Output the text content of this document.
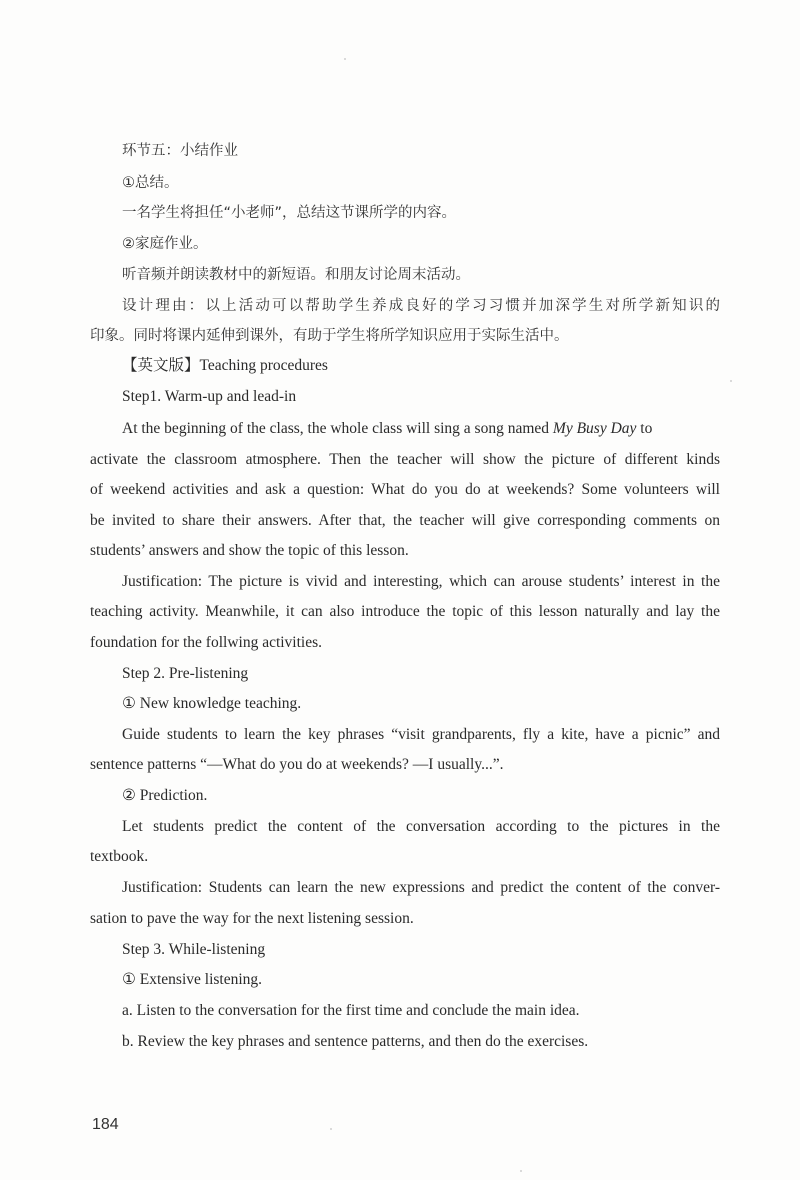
环节五：小结作业
①总结。
一名学生将担任“小老师”，总结这节课所学的内容。
②家庭作业。
听音频并朗读教材中的新短语。和朋友讨论周末活动。
设计理由：以上活动可以帮助学生养成良好的学习习惯并加深学生对所学新知识的
印象。同时将课内延伸到课外，有助于学生将所学知识应用于实际生活中。
【英文版】Teaching procedures
Step1. Warm-up and lead-in
At the beginning of the class, the whole class will sing a song named My Busy Day to
activate the classroom atmosphere. Then the teacher will show the picture of different kinds
of weekend activities and ask a question: What do you do at weekends? Some volunteers will
be invited to share their answers. After that, the teacher will give corresponding comments on
students’ answers and show the topic of this lesson.
Justification: The picture is vivid and interesting, which can arouse students’ interest in the
teaching activity. Meanwhile, it can also introduce the topic of this lesson naturally and lay the
foundation for the follwing activities.
Step 2. Pre-listening
① New knowledge teaching.
Guide students to learn the key phrases “visit grandparents, fly a kite, have a picnic” and
sentence patterns “—What do you do at weekends? —I usually...”.
② Prediction.
Let students predict the content of the conversation according to the pictures in the
textbook.
Justification: Students can learn the new expressions and predict the content of the conver-
sation to pave the way for the next listening session.
Step 3. While-listening
① Extensive listening.
a. Listen to the conversation for the first time and conclude the main idea.
b. Review the key phrases and sentence patterns, and then do the exercises.
184
